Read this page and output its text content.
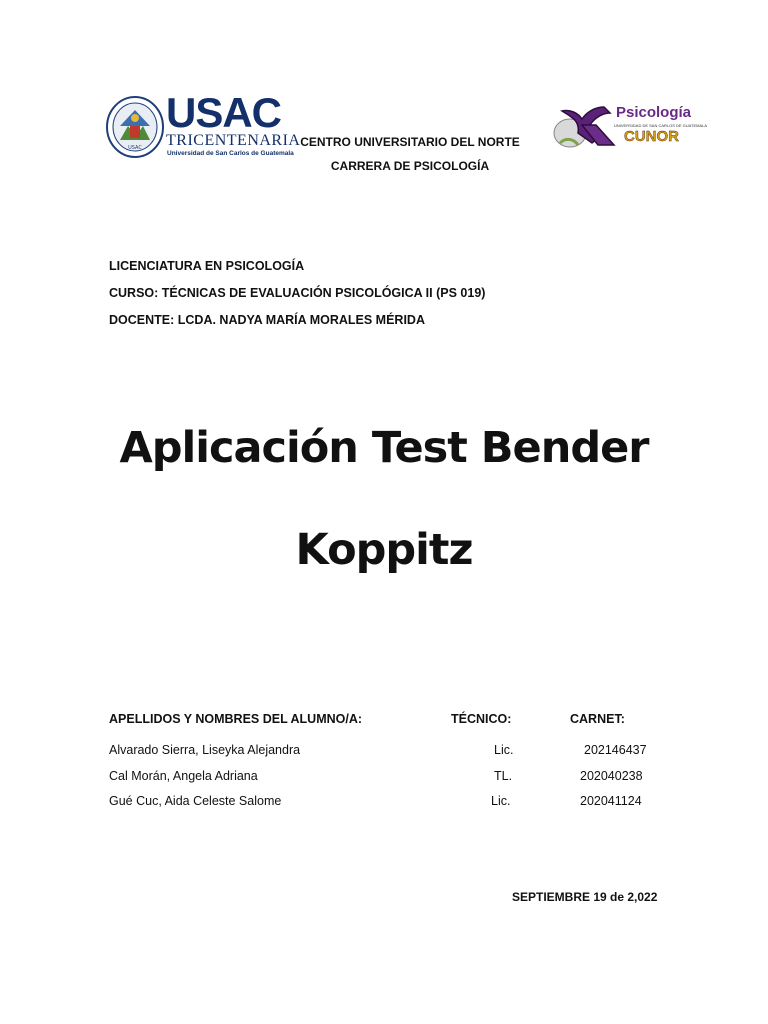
USAC
USAC
TRICENTENARIA
Universidad de San Carlos de Guatemala
CENTRO UNIVERSITARIO DEL NORTE
CARRERA DE PSICOLOGÍA
Psicología
UNIVERSIDAD DE SAN CARLOS DE GUATEMALA
CUNOR
LICENCIATURA EN PSICOLOGÍA
CURSO: TÉCNICAS DE EVALUACIÓN PSICOLÓGICA II (PS 019)
DOCENTE: LCDA. NADYA MARÍA MORALES MÉRIDA
Aplicación Test Bender
Koppitz
APELLIDOS Y NOMBRES DEL ALUMNO/A:	TÉCNICO:	CARNET:
Alvarado Sierra, Liseyka Alejandra	Lic.	202146437
Cal Morán, Angela Adriana	TL.	202040238
Gué Cuc, Aida Celeste Salome	Lic.	202041124
SEPTIEMBRE 19 de 2,022
